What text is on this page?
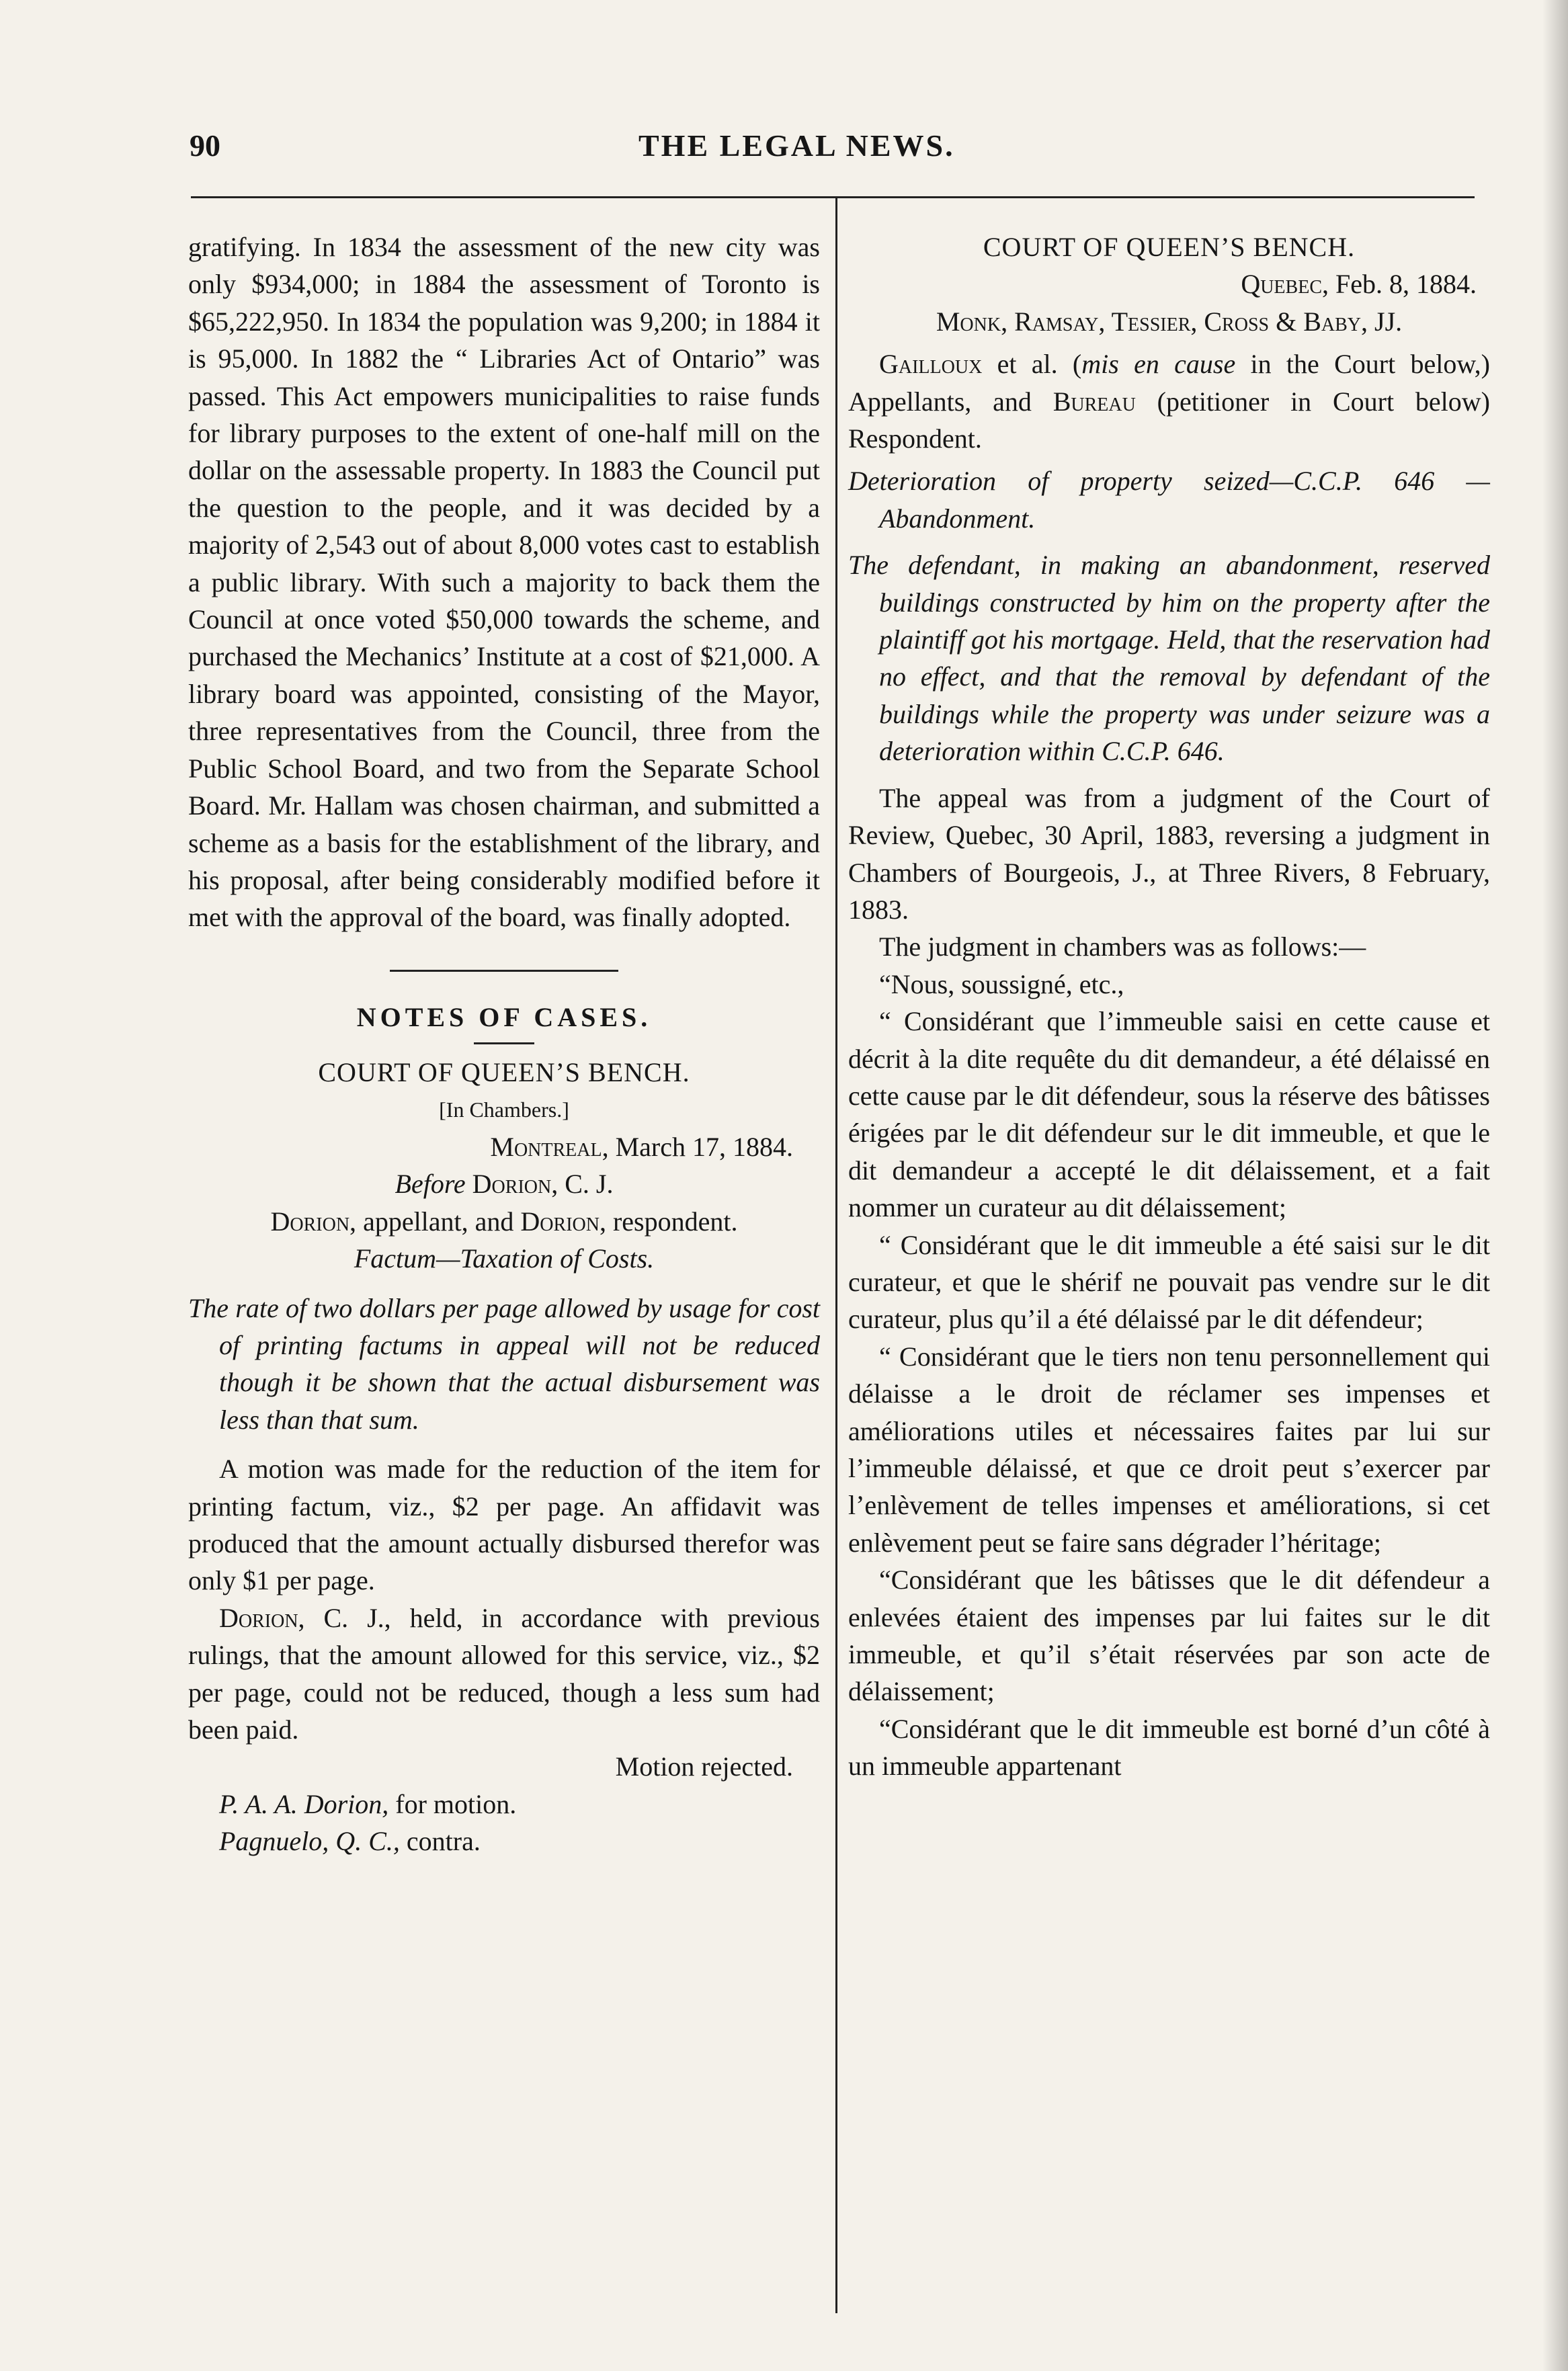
90	THE LEGAL NEWS.

gratifying. In 1834 the assessment of the new city was only $934,000; in 1884 the assessment of Toronto is $65,222,950. In 1834 the population was 9,200; in 1884 it is 95,000. In 1882 the “ Libraries Act of Ontario” was passed. This Act empowers municipalities to raise funds for library purposes to the extent of one-half mill on the dollar on the assessable property. In 1883 the Council put the question to the people, and it was decided by a majority of 2,543 out of about 8,000 votes cast to establish a public library. With such a majority to back them the Council at once voted $50,000 towards the scheme, and purchased the Mechanics’ Institute at a cost of $21,000. A library board was appointed, consisting of the Mayor, three representatives from the Council, three from the Public School Board, and two from the Separate School Board. Mr. Hallam was chosen chairman, and submitted a scheme as a basis for the establishment of the library, and his proposal, after being considerably modified before it met with the approval of the board, was finally adopted.

NOTES OF CASES.

COURT OF QUEEN’S BENCH.

[In Chambers.]

Montreal, March 17, 1884.

Before Dorion, C. J.

Dorion, appellant, and Dorion, respondent.

Factum—Taxation of Costs.

The rate of two dollars per page allowed by usage for cost of printing factums in appeal will not be reduced though it be shown that the actual disbursement was less than that sum.

A motion was made for the reduction of the item for printing factum, viz., $2 per page. An affidavit was produced that the amount actually disbursed therefor was only $1 per page.

Dorion, C. J., held, in accordance with previous rulings, that the amount allowed for this service, viz., $2 per page, could not be reduced, though a less sum had been paid.

Motion rejected.

P. A. A. Dorion, for motion.

Pagnuelo, Q. C., contra.

COURT OF QUEEN’S BENCH.

Quebec, Feb. 8, 1884.

Monk, Ramsay, Tessier, Cross & Baby, JJ.

Gailloux et al. (mis en cause in the Court below,) Appellants, and Bureau (petitioner in Court below) Respondent.

Deterioration of property seized—C.C.P. 646 —Abandonment.

The defendant, in making an abandonment, reserved buildings constructed by him on the property after the plaintiff got his mortgage. Held, that the reservation had no effect, and that the removal by defendant of the buildings while the property was under seizure was a deterioration within C.C.P. 646.

The appeal was from a judgment of the Court of Review, Quebec, 30 April, 1883, reversing a judgment in Chambers of Bourgeois, J., at Three Rivers, 8 February, 1883.

The judgment in chambers was as follows:—

“Nous, soussigné, etc.,

“ Considérant que l’immeuble saisi en cette cause et décrit à la dite requête du dit demandeur, a été délaissé en cette cause par le dit défendeur, sous la réserve des bâtisses érigées par le dit défendeur sur le dit immeuble, et que le dit demandeur a accepté le dit délaissement, et a fait nommer un curateur au dit délaissement;

“ Considérant que le dit immeuble a été saisi sur le dit curateur, et que le shérif ne pouvait pas vendre sur le dit curateur, plus qu’il a été délaissé par le dit défendeur;

“ Considérant que le tiers non tenu personnellement qui délaisse a le droit de réclamer ses impenses et améliorations utiles et nécessaires faites par lui sur l’immeuble délaissé, et que ce droit peut s’exercer par l’enlèvement de telles impenses et améliorations, si cet enlèvement peut se faire sans dégrader l’héritage;

“Considérant que les bâtisses que le dit défendeur a enlevées étaient des impenses par lui faites sur le dit immeuble, et qu’il s’était réservées par son acte de délaissement;

“Considérant que le dit immeuble est borné d’un côté à un immeuble appartenant
